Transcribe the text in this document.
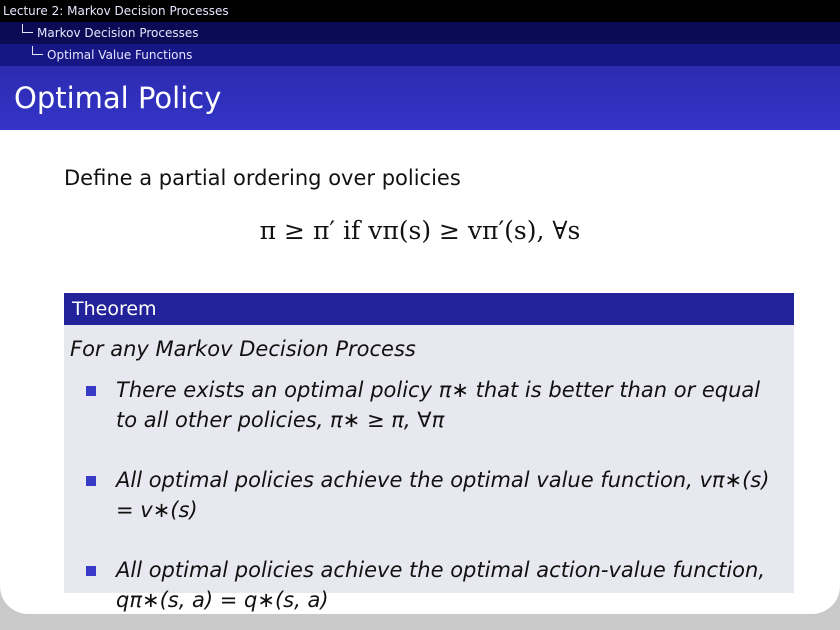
Lecture 2: Markov Decision Processes
Markov Decision Processes
Optimal Value Functions
Optimal Policy
Define a partial ordering over policies
π ≥ π′ if vπ(s) ≥ vπ′(s), ∀s
Theorem
For any Markov Decision Process
There exists an optimal policy π∗ that is better than or equal to all other policies, π∗ ≥ π, ∀π
All optimal policies achieve the optimal value function, vπ∗(s) = v∗(s)
All optimal policies achieve the optimal action-value function, qπ∗(s, a) = q∗(s, a)
